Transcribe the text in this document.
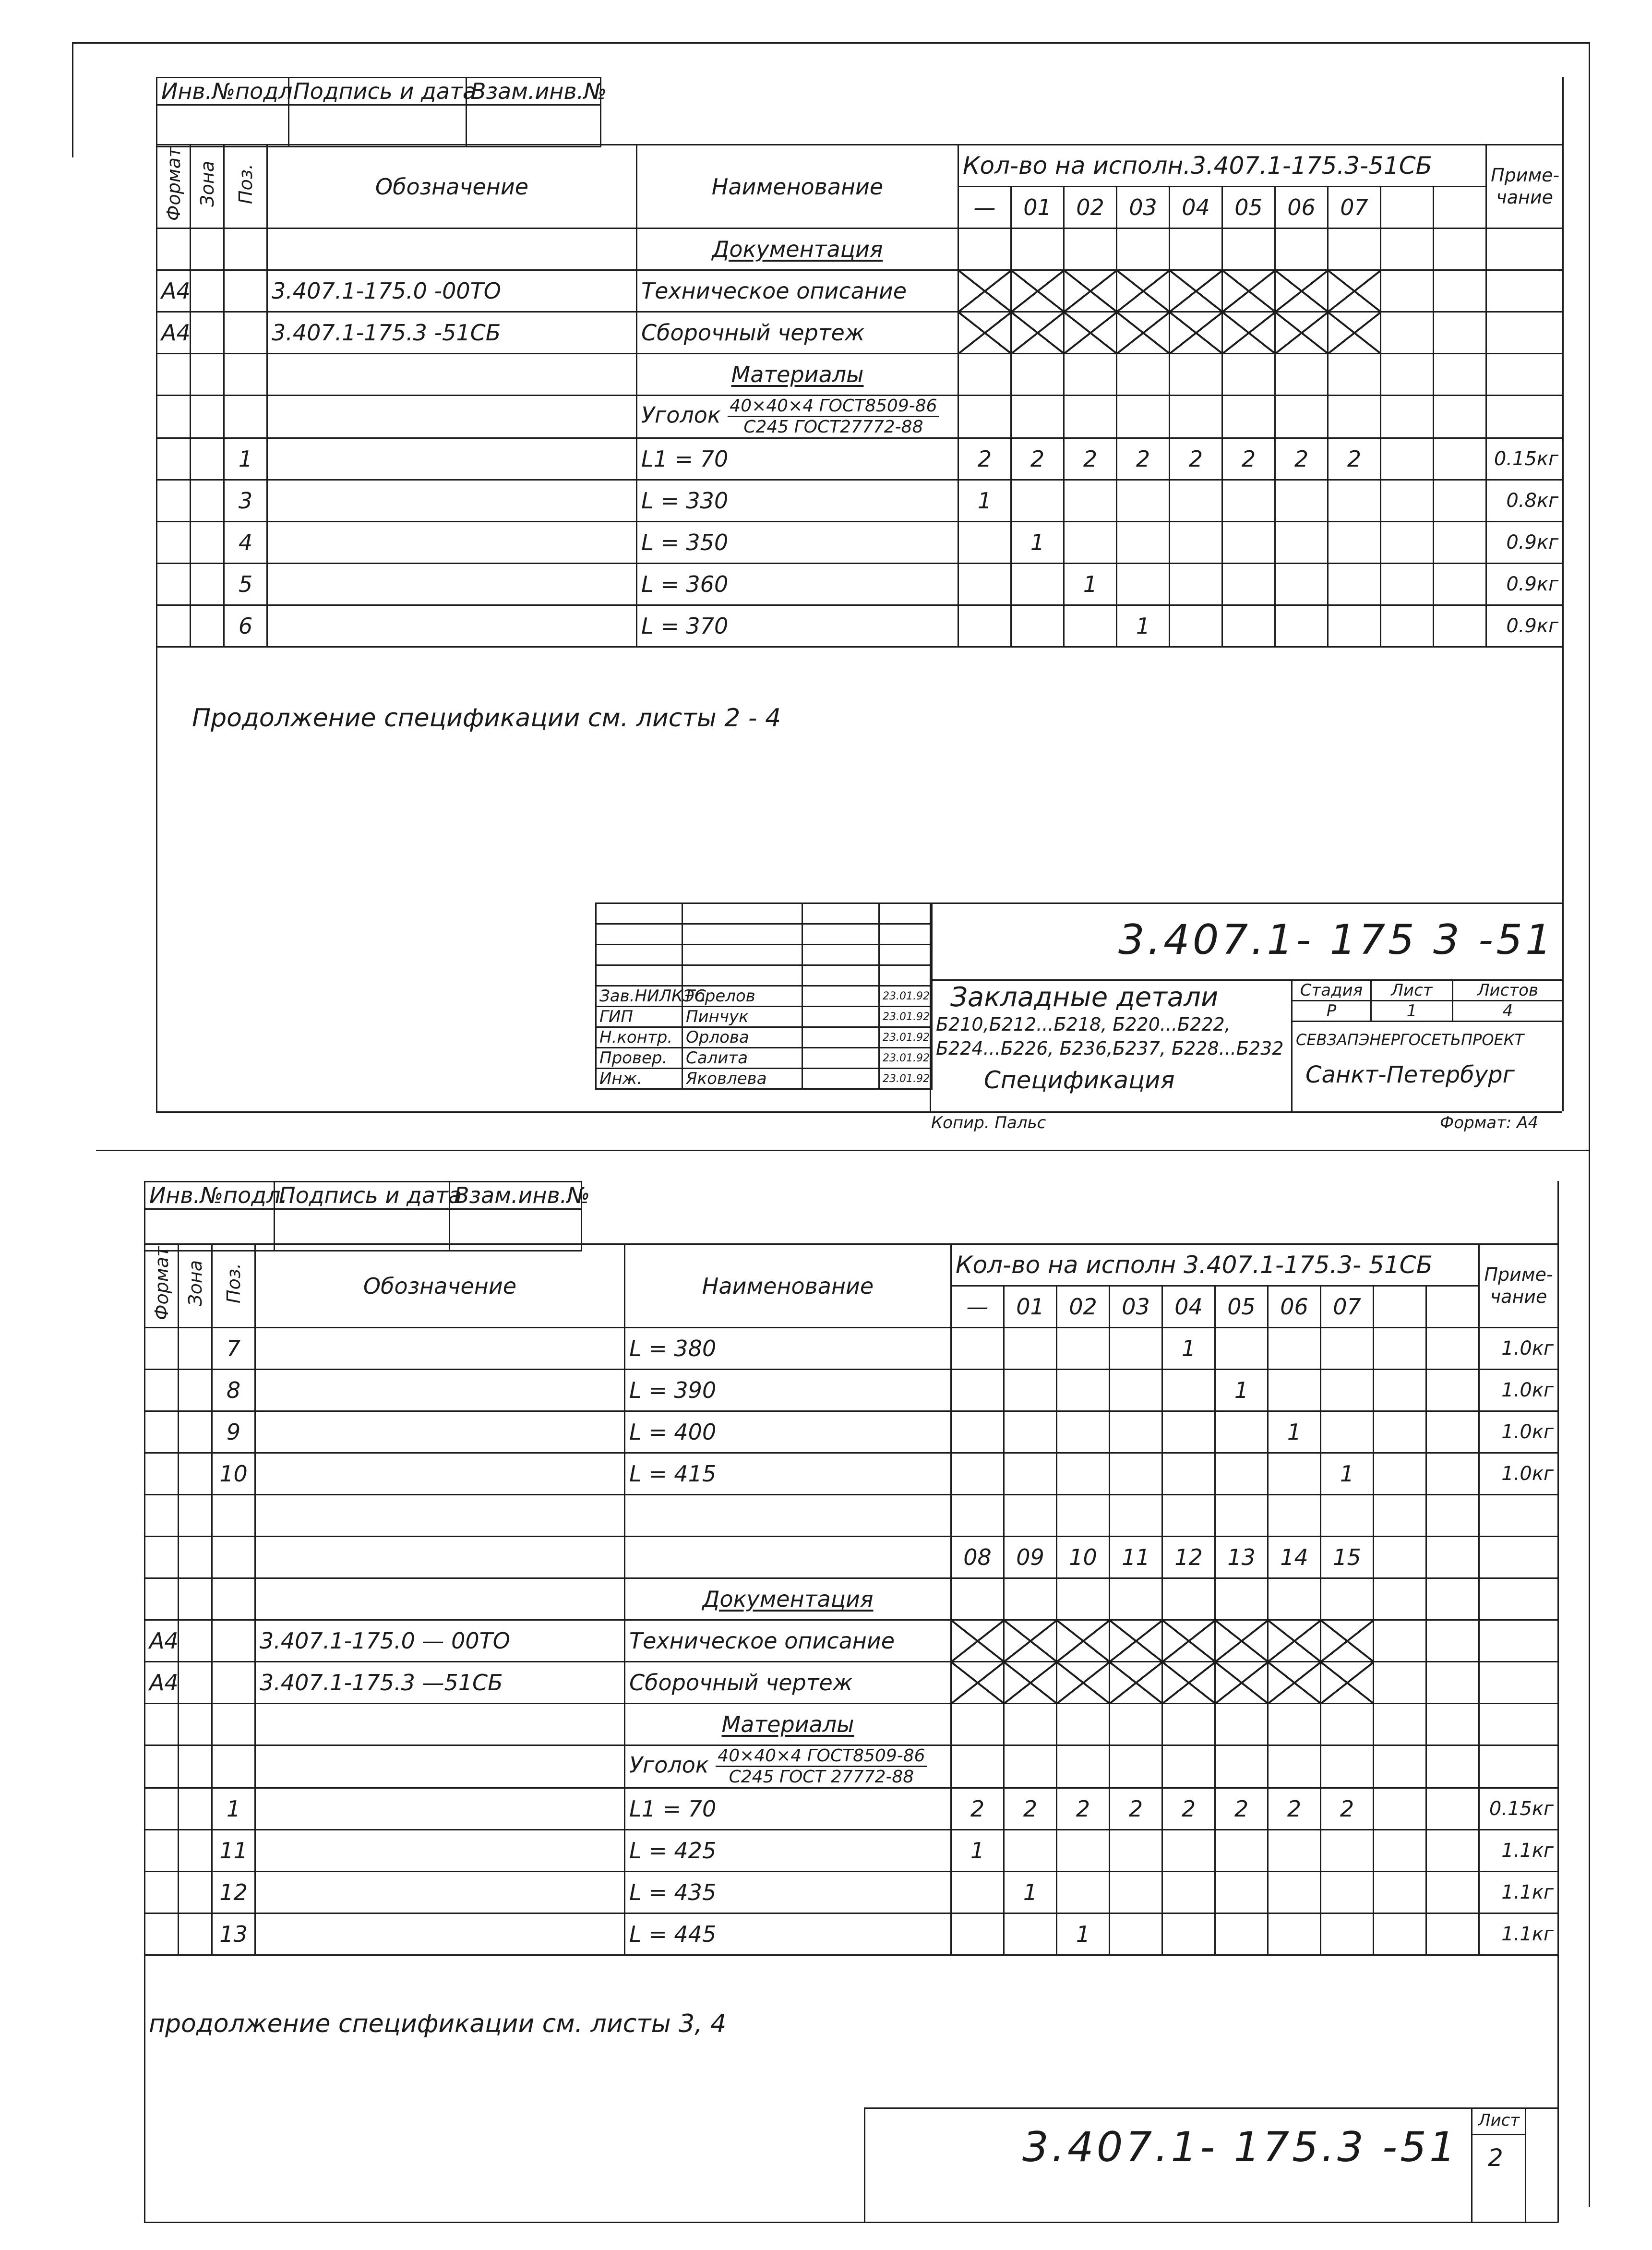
Инв.№подл.	Подпись и дата	Взам.инв.№

Формат	Зона	Поз.	Обозначение	Наименование	Кол-во на исполн.3.407.1-175.3-51СБ										Приме-чание
					—	01	02	03	04	05	06	07			
				Документация											
А4			3.407.1-175.0 -00ТО	Техническое описание											
А4			3.407.1-175.3 -51СБ	Сборочный чертеж											
				Материалы											
				Уголок $\frac{\text{40×40×4 ГОСТ8509-86}}{\text{С245 ГОСТ27772-88}}$

		1		L1 = 70	2	2	2	2	2	2	2	2			0.15кг
		3		L = 330	1										0.8кг
		4		L = 350		1									0.9кг
		5		L = 360			1								0.9кг
		6		L = 370				1							0.9кг
Продолжение спецификации см. листы 2 - 4

Зав.НИЛКЭС	Горелов		23.01.92
ГИП	Пинчук		23.01.92
Н.контр.	Орлова		23.01.92
Провер.	Салита		23.01.92
Инж.	Яковлева		23.01.92
3.407.1- 175 3 -51
Закладные детали
Б210,Б212...Б218, Б220...Б222,
Б224...Б226, Б236,Б237, Б228...Б232
Спецификация
Стадия	Лист	Листов
Р	1	4
СЕВЗАПЭНЕРГОСЕТЬПРОЕКТ
Санкт-Петербург
Копир. Пальс	Формат: А4
Инв.№подл.	Подпись и дата	Взам.инв.№

Формат	Зона	Поз.	Обозначение	Наименование	Кол-во на исполн 3.407.1-175.3- 51СБ										Приме-чание
					—	01	02	03	04	05	06	07			
		7		L = 380					1						1.0кг
		8		L = 390						1					1.0кг
		9		L = 400							1				1.0кг
		10		L = 415								1			1.0кг

					08	09	10	11	12	13	14	15			
				Документация											
А4			3.407.1-175.0 — 00ТО	Техническое описание											
А4			3.407.1-175.3 —51СБ	Сборочный чертеж											
				Материалы											
				Уголок $\frac{\text{40×40×4 ГОСТ8509-86}}{\text{С245 ГОСТ 27772-88}}$

		1		L1 = 70	2	2	2	2	2	2	2	2			0.15кг
		11		L = 425	1										1.1кг
		12		L = 435		1									1.1кг
		13		L = 445			1								1.1кг
продолжение спецификации см. листы 3, 4
3.407.1- 175.3 -51
Лист
2
